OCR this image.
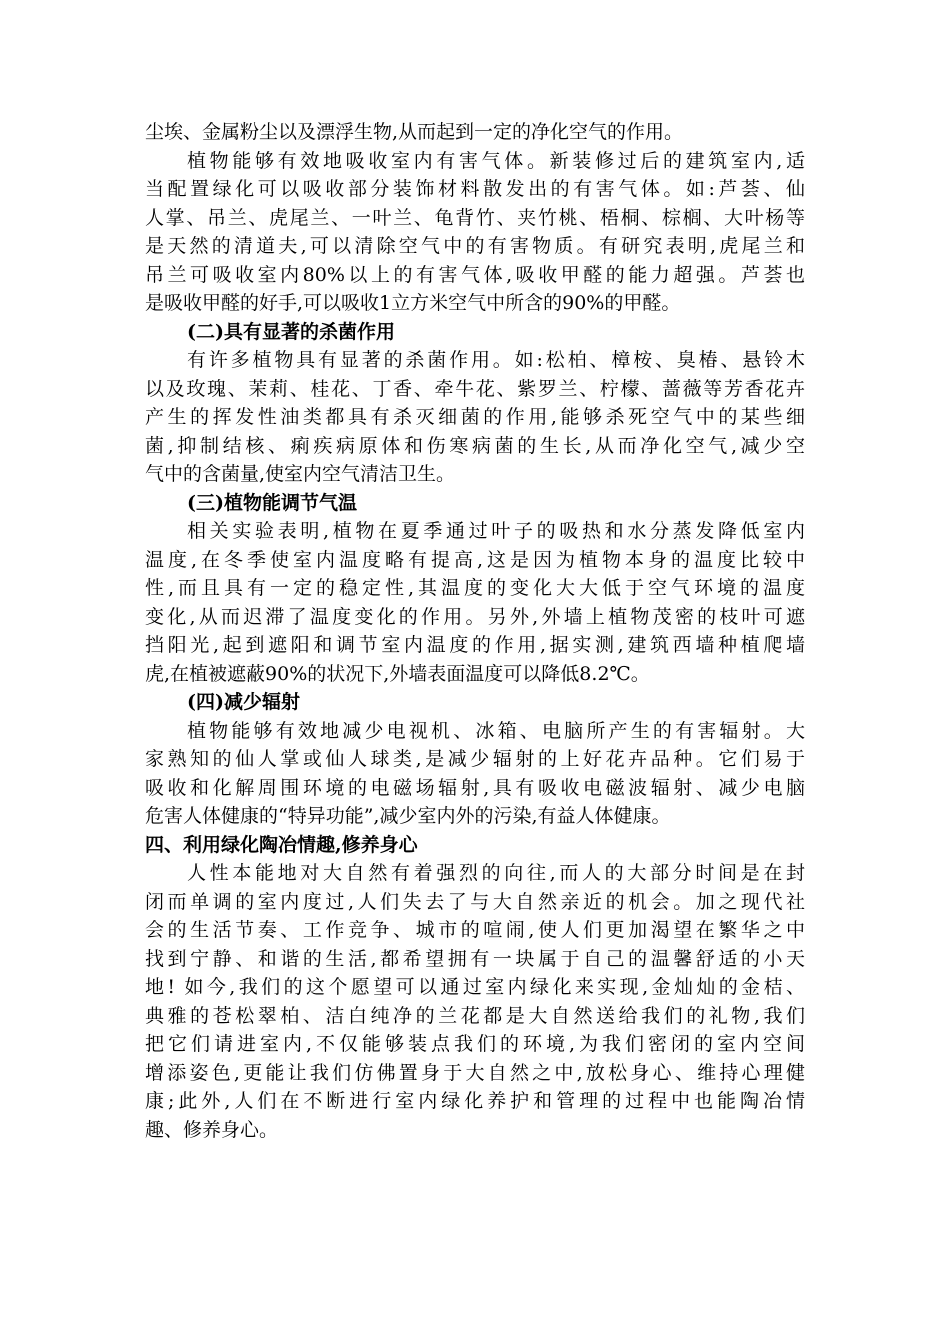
尘埃、金属粉尘以及漂浮生物,从而起到一定的净化空气的作用。
植物能够有效地吸收室内有害气体。新装修过后的建筑室内,适
当配置绿化可以吸收部分装饰材料散发出的有害气体。如:芦荟、仙
人掌、吊兰、虎尾兰、一叶兰、龟背竹、夹竹桃、梧桐、棕榈、大叶杨等
是天然的清道夫,可以清除空气中的有害物质。有研究表明,虎尾兰和
吊兰可吸收室内80%以上的有害气体,吸收甲醛的能力超强。芦荟也
是吸收甲醛的好手,可以吸收1立方米空气中所含的90%的甲醛。
(二)具有显著的杀菌作用
有许多植物具有显著的杀菌作用。如:松柏、樟桉、臭椿、悬铃木
以及玫瑰、茉莉、桂花、丁香、牵牛花、紫罗兰、柠檬、蔷薇等芳香花卉
产生的挥发性油类都具有杀灭细菌的作用,能够杀死空气中的某些细
菌,抑制结核、痢疾病原体和伤寒病菌的生长,从而净化空气,减少空
气中的含菌量,使室内空气清洁卫生。
(三)植物能调节气温
相关实验表明,植物在夏季通过叶子的吸热和水分蒸发降低室内
温度,在冬季使室内温度略有提高,这是因为植物本身的温度比较中
性,而且具有一定的稳定性,其温度的变化大大低于空气环境的温度
变化,从而迟滞了温度变化的作用。另外,外墙上植物茂密的枝叶可遮
挡阳光,起到遮阳和调节室内温度的作用,据实测,建筑西墙种植爬墙
虎,在植被遮蔽90%的状况下,外墙表面温度可以降低8.2℃。
(四)减少辐射
植物能够有效地减少电视机、冰箱、电脑所产生的有害辐射。大
家熟知的仙人掌或仙人球类,是减少辐射的上好花卉品种。它们易于
吸收和化解周围环境的电磁场辐射,具有吸收电磁波辐射、减少电脑
危害人体健康的“特异功能”,减少室内外的污染,有益人体健康。
四、利用绿化陶冶情趣,修养身心
人性本能地对大自然有着强烈的向往,而人的大部分时间是在封
闭而单调的室内度过,人们失去了与大自然亲近的机会。加之现代社
会的生活节奏、工作竞争、城市的喧闹,使人们更加渴望在繁华之中
找到宁静、和谐的生活,都希望拥有一块属于自己的温馨舒适的小天
地! 如今,我们的这个愿望可以通过室内绿化来实现,金灿灿的金桔、
典雅的苍松翠柏、洁白纯净的兰花都是大自然送给我们的礼物,我们
把它们请进室内,不仅能够装点我们的环境,为我们密闭的室内空间
增添姿色,更能让我们仿佛置身于大自然之中,放松身心、维持心理健
康;此外,人们在不断进行室内绿化养护和管理的过程中也能陶冶情
趣、修养身心。
